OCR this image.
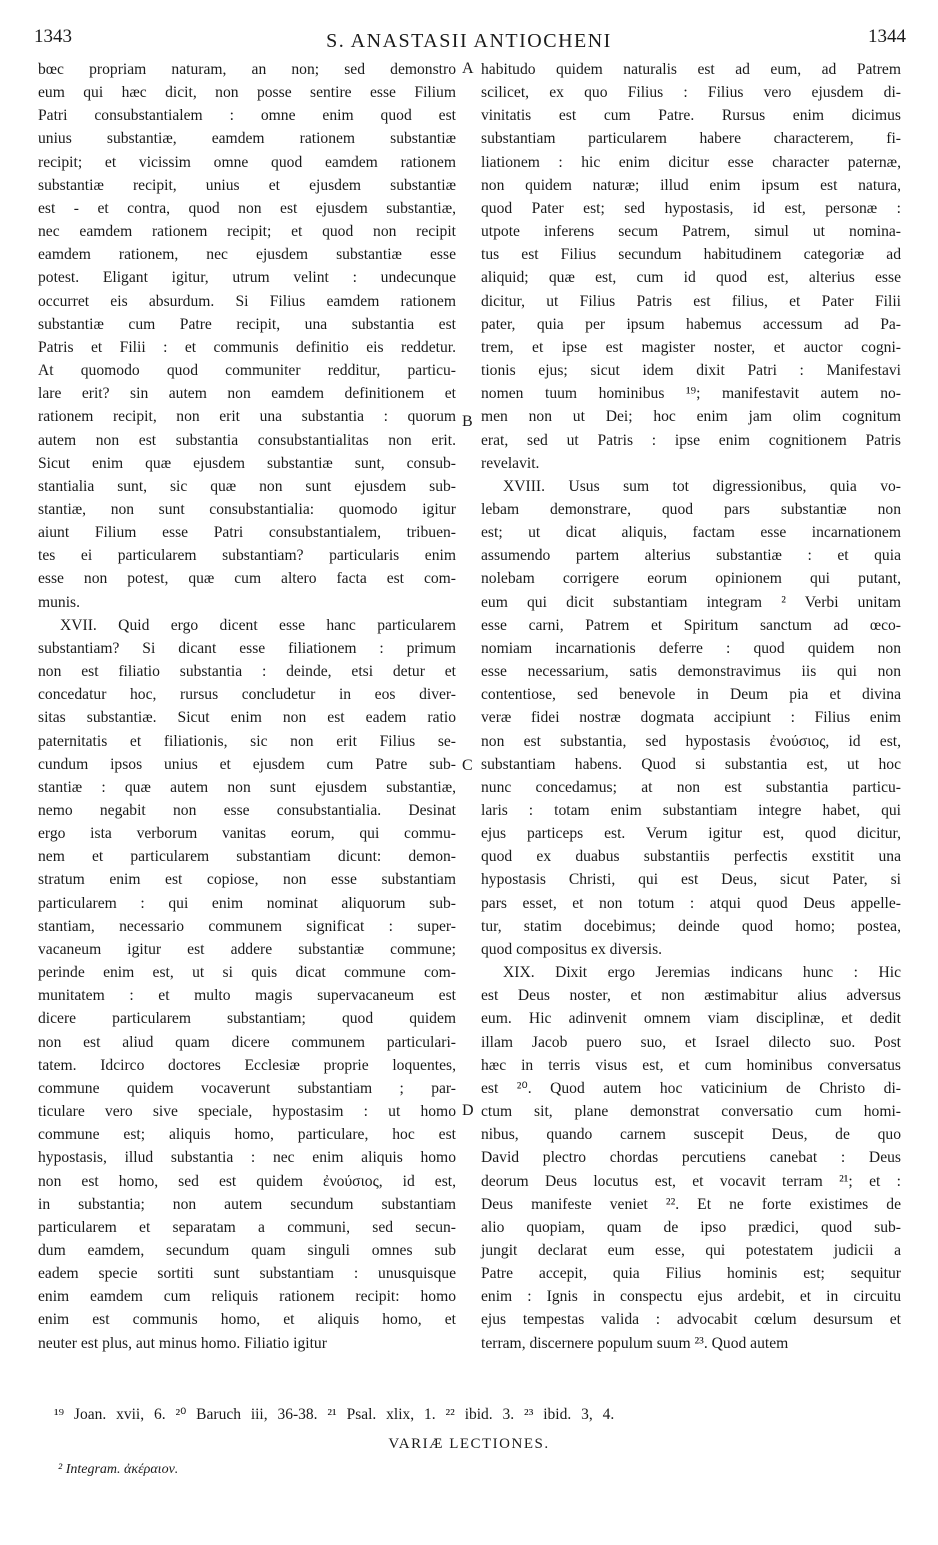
1343	S. ANASTASII ANTIOCHENI	1344
bœc propriam naturam, an non; sed demonstro
eum qui hæc dicit, non posse sentire esse Filium
Patri consubstantialem : omne enim quod est
unius substantiæ, eamdem rationem substantiæ
recipit; et vicissim omne quod eamdem rationem
substantiæ recipit, unius et ejusdem substantiæ
est - et contra, quod non est ejusdem substantiæ,
nec eamdem rationem recipit; et quod non recipit
eamdem rationem, nec ejusdem substantiæ esse
potest. Eligant igitur, utrum velint : undecunque
occurret eis absurdum. Si Filius eamdem rationem
substantiæ cum Patre recipit, una substantia est
Patris et Filii : et communis definitio eis reddetur.
At quomodo quod communiter redditur, particu-
lare erit? sin autem non eamdem definitionem et
rationem recipit, non erit una substantia : quorum
autem non est substantia consubstantialitas non erit.
Sicut enim quæ ejusdem substantiæ sunt, consub-
stantialia sunt, sic quæ non sunt ejusdem sub-
stantiæ, non sunt consubstantialia: quomodo igitur
aiunt Filium esse Patri consubstantialem, tribuen-
tes ei particularem substantiam? particularis enim
esse non potest, quæ cum altero facta est com-
munis.
XVII. Quid ergo dicent esse hanc particularem
substantiam? Si dicant esse filiationem : primum
non est filiatio substantia : deinde, etsi detur et
concedatur hoc, rursus concludetur in eos diver-
sitas substantiæ. Sicut enim non est eadem ratio
paternitatis et filiationis, sic non erit Filius se-
cundum ipsos unius et ejusdem cum Patre sub-
stantiæ : quæ autem non sunt ejusdem substantiæ,
nemo negabit non esse consubstantialia. Desinat
ergo ista verborum vanitas eorum, qui commu-
nem et particularem substantiam dicunt: demon-
stratum enim est copiose, non esse substantiam
particularem : qui enim nominat aliquorum sub-
stantiam, necessario communem significat : super-
vacaneum igitur est addere substantiæ commune;
perinde enim est, ut si quis dicat commune com-
munitatem : et multo magis supervacaneum est
dicere particularem substantiam; quod quidem
non est aliud quam dicere communem particulari-
tatem. Idcirco doctores Ecclesiæ proprie loquentes,
commune quidem vocaverunt substantiam ; par-
ticulare vero sive speciale, hypostasim : ut homo
commune est; aliquis homo, particulare, hoc est
hypostasis, illud substantia : nec enim aliquis homo
non est homo, sed est quidem ἐνούσιος, id est,
in substantia; non autem secundum substantiam
particularem et separatam a communi, sed secun-
dum eamdem, secundum quam singuli omnes sub
eadem specie sortiti sunt substantiam : unusquisque
enim eamdem cum reliquis rationem recipit: homo
enim est communis homo, et aliquis homo, et
neuter est plus, aut minus homo. Filiatio igitur
habitudo quidem naturalis est ad eum, ad Patrem
scilicet, ex quo Filius : Filius vero ejusdem di-
vinitatis est cum Patre. Rursus enim dicimus
substantiam particularem habere characterem, fi-
liationem : hic enim dicitur esse character paternæ,
non quidem naturæ; illud enim ipsum est natura,
quod Pater est; sed hypostasis, id est, personæ :
utpote inferens secum Patrem, simul ut nomina-
tus est Filius secundum habitudinem categoriæ ad
aliquid; quæ est, cum id quod est, alterius esse
dicitur, ut Filius Patris est filius, et Pater Filii
pater, quia per ipsum habemus accessum ad Pa-
trem, et ipse est magister noster, et auctor cogni-
tionis ejus; sicut idem dixit Patri : Manifestavi
nomen tuum hominibus ¹⁹; manifestavit autem no-
men non ut Dei; hoc enim jam olim cognitum
erat, sed ut Patris : ipse enim cognitionem Patris
revelavit.
XVIII. Usus sum tot digressionibus, quia vo-
lebam demonstrare, quod pars substantiæ non
est; ut dicat aliquis, factam esse incarnationem
assumendo partem alterius substantiæ : et quia
nolebam corrigere eorum opinionem qui putant,
eum qui dicit substantiam integram ² Verbi unitam
esse carni, Patrem et Spiritum sanctum ad œco-
nomiam incarnationis deferre : quod quidem non
esse necessarium, satis demonstravimus iis qui non
contentiose, sed benevole in Deum pia et divina
veræ fidei nostræ dogmata accipiunt : Filius enim
non est substantia, sed hypostasis ἐνούσιος, id est,
substantiam habens. Quod si substantia est, ut hoc
nunc concedamus; at non est substantia particu-
laris : totam enim substantiam integre habet, qui
ejus particeps est. Verum igitur est, quod dicitur,
quod ex duabus substantiis perfectis exstitit una
hypostasis Christi, qui est Deus, sicut Pater, si
pars esset, et non totum : atqui quod Deus appelle-
tur, statim docebimus; deinde quod homo; postea,
quod compositus ex diversis.
XIX. Dixit ergo Jeremias indicans hunc : Hic
est Deus noster, et non æstimabitur alius adversus
eum. Hic adinvenit omnem viam disciplinæ, et dedit
illam Jacob puero suo, et Israel dilecto suo. Post
hæc in terris visus est, et cum hominibus conversatus
est ²⁰. Quod autem hoc vaticinium de Christo di-
ctum sit, plane demonstrat conversatio cum homi-
nibus, quando carnem suscepit Deus, de quo
David plectro chordas percutiens canebat : Deus
deorum Deus locutus est, et vocavit terram ²¹; et :
Deus manifeste veniet ²². Et ne forte existimes de
alio quopiam, quam de ipso prædici, quod sub-
jungit declarat eum esse, qui potestatem judicii a
Patre accepit, quia Filius hominis est; sequitur
enim : Ignis in conspectu ejus ardebit, et in circuitu
ejus tempestas valida : advocabit cœlum desursum et
terram, discernere populum suum ²³. Quod autem
A
B
C
D
¹⁹ Joan. xvii, 6. ²⁰ Baruch iii, 36-38. ²¹ Psal. xlix, 1. ²² ibid. 3. ²³ ibid. 3, 4.
VARIÆ LECTIONES.
² Integram. ἀκέραιον.
